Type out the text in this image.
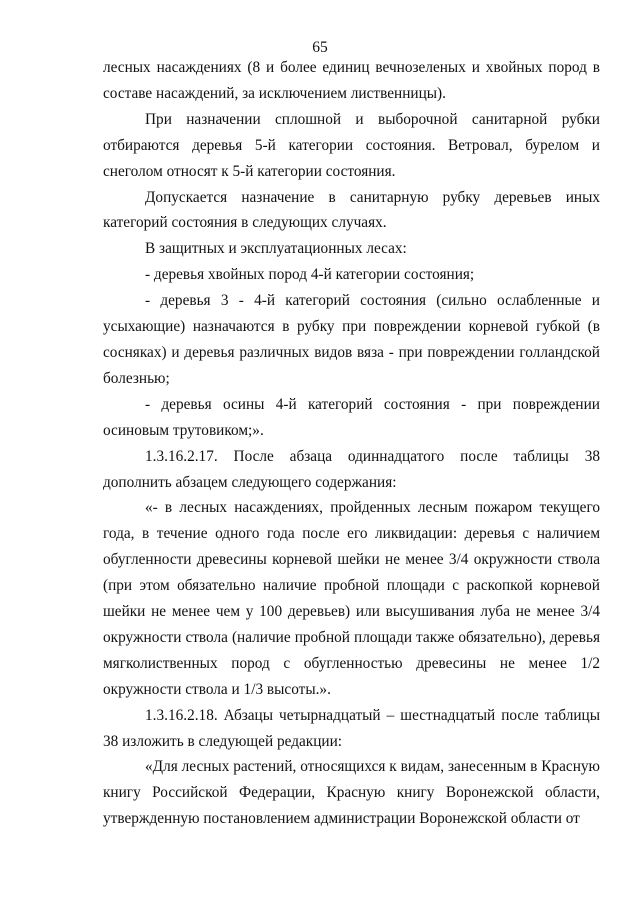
65

лесных насаждениях (8 и более единиц вечнозеленых и хвойных пород в составе насаждений, за исключением лиственницы).

При назначении сплошной и выборочной санитарной рубки отбираются деревья 5-й категории состояния. Ветровал, бурелом и снеголом относят к 5-й категории состояния.

Допускается назначение в санитарную рубку деревьев иных категорий состояния в следующих случаях.

В защитных и эксплуатационных лесах:

- деревья хвойных пород 4-й категории состояния;

- деревья 3 - 4-й категорий состояния (сильно ослабленные и усыхающие) назначаются в рубку при повреждении корневой губкой (в сосняках) и деревья различных видов вяза - при повреждении голландской болезнью;

- деревья осины 4-й категорий состояния - при повреждении осиновым трутовиком;».

1.3.16.2.17. После абзаца одиннадцатого после таблицы 38 дополнить абзацем следующего содержания:

«- в лесных насаждениях, пройденных лесным пожаром текущего года, в течение одного года после его ликвидации: деревья с наличием обугленности древесины корневой шейки не менее 3/4 окружности ствола (при этом обязательно наличие пробной площади с раскопкой корневой шейки не менее чем у 100 деревьев) или высушивания луба не менее 3/4 окружности ствола (наличие пробной площади также обязательно), деревья мягколиственных пород с обугленностью древесины не менее 1/2 окружности ствола и 1/3 высоты.».

1.3.16.2.18. Абзацы четырнадцатый – шестнадцатый после таблицы 38 изложить в следующей редакции:

«Для лесных растений, относящихся к видам, занесенным в Красную книгу Российской Федерации, Красную книгу Воронежской области, утвержденную постановлением администрации Воронежской области от
